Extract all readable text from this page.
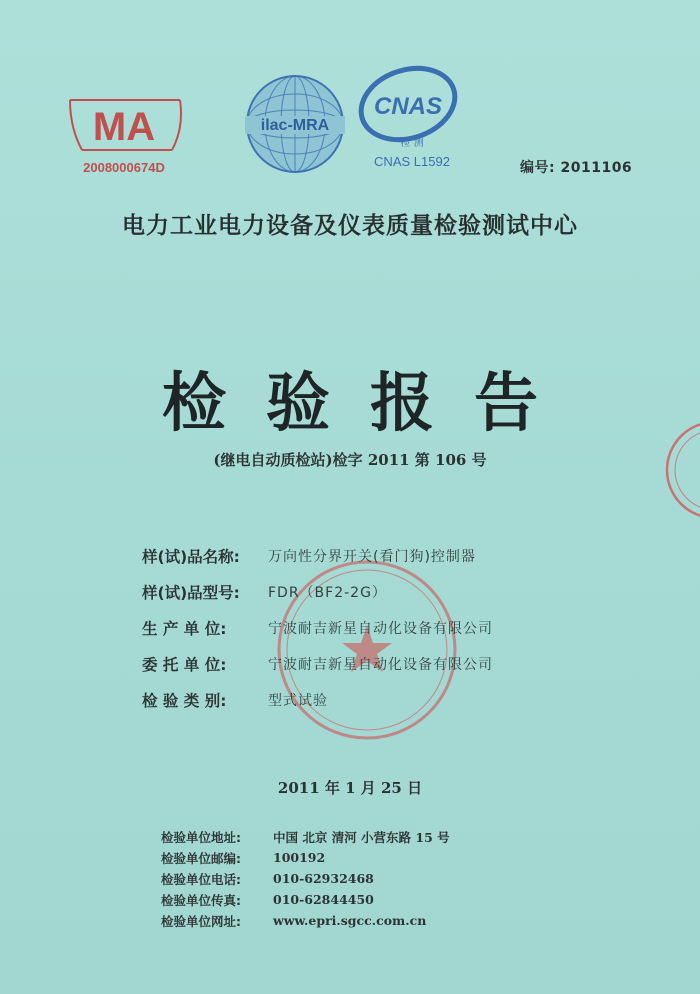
MA
2008000674D
ilac-MRA
CNAS
检 测
CNAS L1592	编号: 2011106
电力工业电力设备及仪表质量检验测试中心
检验报告
(继电自动质检站)检字 2011 第 106 号
样(试)品名称:	万向性分界开关(看门狗)控制器
样(试)品型号:	FDR（BF2-2G）
生 产 单 位:	宁波耐吉新星自动化设备有限公司
委 托 单 位:	宁波耐吉新星自动化设备有限公司
检 验 类 别:	型式试验
2011 年 1 月 25 日
检验单位地址:	中国 北京 清河 小营东路 15 号
检验单位邮编:	100192
检验单位电话:	010-62932468
检验单位传真:	010-62844450
检验单位网址:	www.epri.sgcc.com.cn
